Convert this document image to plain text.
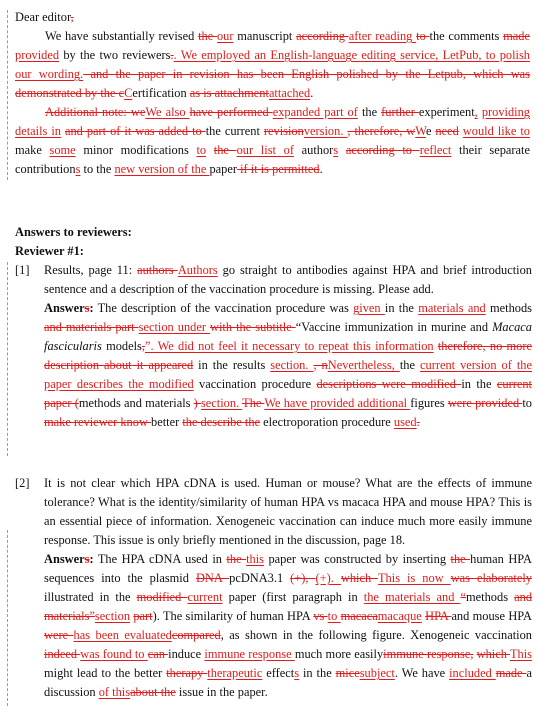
Dear editor,
We have substantially revised the our manuscript according after reading to the comments made provided by the two reviewers.. We employed an English-language editing service, LetPub, to polish our wording. and the paper in revision has been English polished by the Letpub, which was demonstrated by the cCertification as is attachmentattached.
Additional note: weWe also have performed expanded part of the further experiment, providing details in and part of it was added to the current revisionversion. , therefore, wWe need would like to make some minor modifications to the our list of authors according to reflect their separate contributions to the new version of the paper if it is permitted.
Answers to reviewers:
Reviewer #1:
[1]	Results, page 11: authors Authors go straight to antibodies against HPA and brief introduction sentence and a description of the vaccination procedure is missing. Please add.
Answers: The description of the vaccination procedure was given in the materials and methods and materials part section under with the subtitle “Vaccine immunization in murine and Macaca fascicularis models,”. We did not feel it necessary to repeat this information therefore, no more description about it appeared in the results section. , nNevertheless, the current version of the paper describes the modified vaccination procedure descriptions were modified in the current paper (methods and materials ) section. The We have provided additional figures were provided to make reviewer know better the describe the electroporation procedure used.
[2]	It is not clear which HPA cDNA is used. Human or mouse? What are the effects of immune tolerance? What is the identity/similarity of human HPA vs macaca HPA and mouse HPA? This is an essential piece of information. Xenogeneic vaccination can induce much more easily immune response. This issue is only briefly mentioned in the discussion, page 18.
Answers: The HPA cDNA used in the this paper was constructed by inserting the human HPA sequences into the plasmid DNA pcDNA3.1 (+), (+). which This is now was elaborately illustrated in the modified current paper (first paragraph in the materials and “methods and materials”section part). The similarity of human HPA vs to macacamacaque HPA and mouse HPA were has been evaluatedcompared, as shown in the following figure. Xenogeneic vaccination indeed was found to can induce immune response much more easilyimmune response, which This might lead to the better therapy therapeutic effects in the micesubject. We have included made a discussion of thisabout the issue in the paper.
